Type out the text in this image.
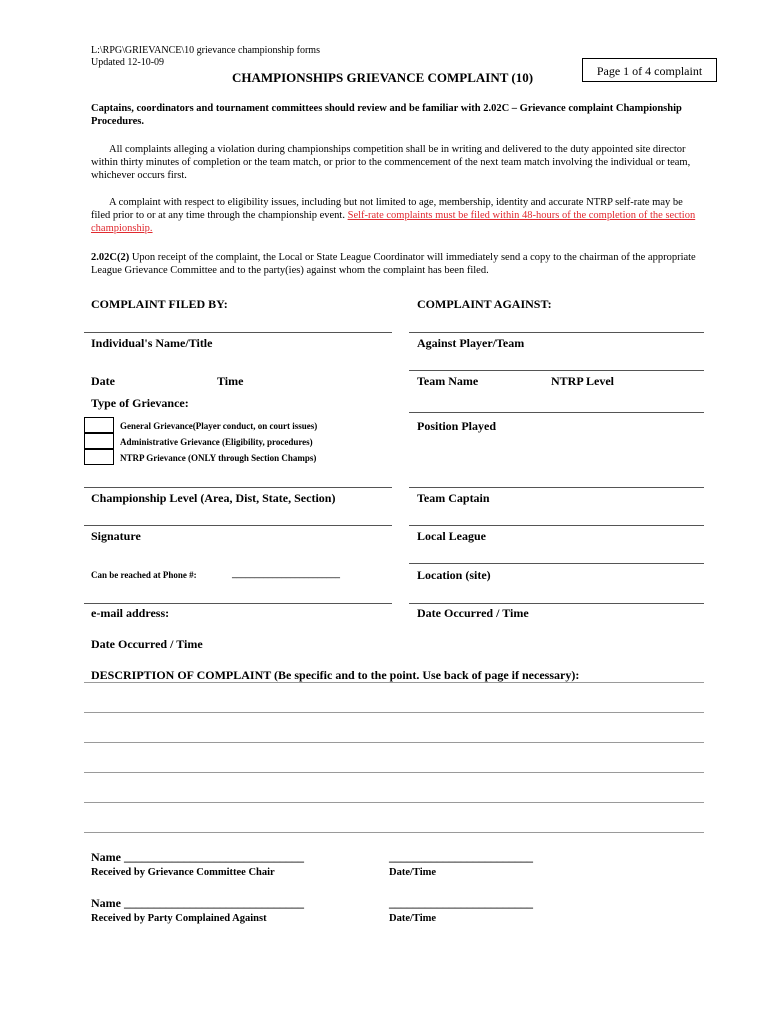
L:\RPG\GRIEVANCE\10 grievance championship forms
Updated 12-10-09
CHAMPIONSHIPS GRIEVANCE COMPLAINT (10)	Page 1 of 4 complaint
Captains, coordinators and tournament committees should review and be familiar with 2.02C – Grievance complaint Championship Procedures.
All complaints alleging a violation during championships competition shall be in writing and delivered to the duty appointed site director within thirty minutes of completion or the team match, or prior to the commencement of the next team match involving the individual or team, whichever occurs first.
A complaint with respect to eligibility issues, including but not limited to age, membership, identity and accurate NTRP self-rate may be filed prior to or at any time through the championship event. Self-rate complaints must be filed within 48-hours of the completion of the section championship.
2.02C(2) Upon receipt of the complaint, the Local or State League Coordinator will immediately send a copy to the chairman of the appropriate League Grievance Committee and to the party(ies) against whom the complaint has been filed.
COMPLAINT FILED BY:	COMPLAINT AGAINST:
Individual's Name/Title	Against Player/Team
Date	Time	Team Name	NTRP Level
Type of Grievance:
General Grievance(Player conduct, on court issues)
Administrative Grievance (Eligibility, procedures)
NTRP Grievance (ONLY through Section Champs)
Position Played
Championship Level (Area, Dist, State, Section)	Team Captain
Signature	Local League
Can be reached at Phone #:	________________________	Location (site)
e-mail address:	Date Occurred / Time
Date Occurred / Time
DESCRIPTION OF COMPLAINT (Be specific and to the point. Use back of page if necessary):
Name ______________________________	________________________
Received by Grievance Committee Chair	Date/Time
Name ______________________________	________________________
Received by Party Complained Against	Date/Time
